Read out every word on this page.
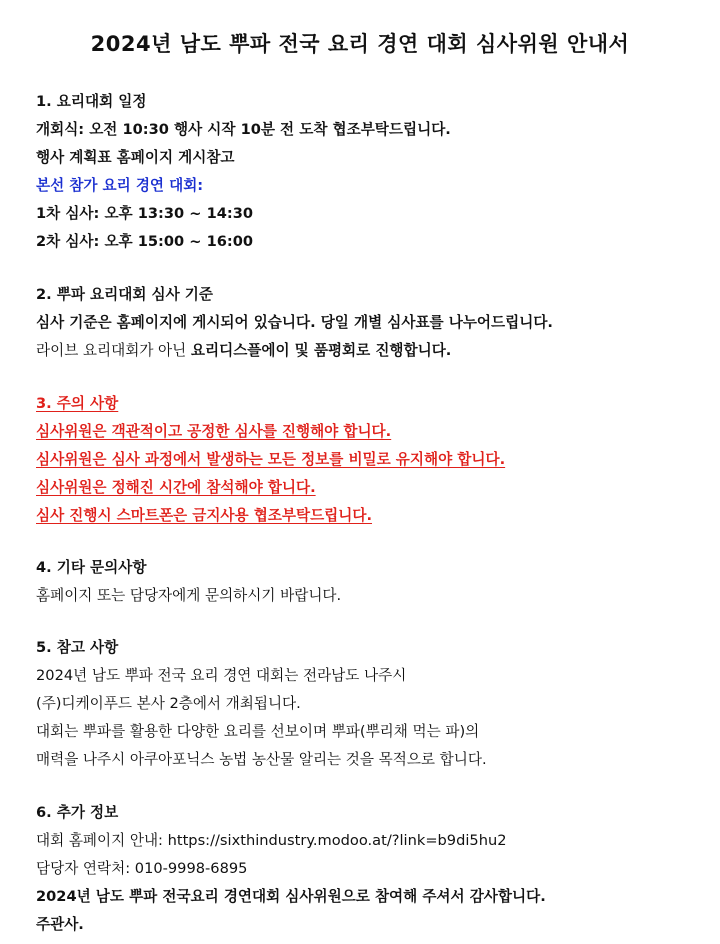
2024년 남도 뿌파 전국 요리 경연 대회 심사위원 안내서
1. 요리대회 일정
개회식: 오전 10:30 행사 시작 10분 전 도착 협조부탁드립니다.
행사 계획표 홈페이지 게시참고
본선 참가 요리 경연 대회:
1차 심사: 오후 13:30 ~ 14:30
2차 심사: 오후 15:00 ~ 16:00
2. 뿌파 요리대회 심사 기준
심사 기준은 홈페이지에 게시되어 있습니다. 당일 개별 심사표를 나누어드립니다.
라이브 요리대회가 아닌 요리디스플에이 및 품평회로 진행합니다.
3. 주의 사항
심사위원은 객관적이고 공정한 심사를 진행해야 합니다.
심사위원은 심사 과정에서 발생하는 모든 정보를 비밀로 유지해야 합니다.
심사위원은 정해진 시간에 참석해야 합니다.
심사 진행시 스마트폰은 금지사용 협조부탁드립니다.
4. 기타 문의사항
홈페이지 또는 담당자에게 문의하시기 바랍니다.
5. 참고 사항
2024년 남도 뿌파 전국 요리 경연 대회는 전라남도 나주시
(주)디케이푸드 본사 2층에서 개최됩니다.
대회는 뿌파를 활용한 다양한 요리를 선보이며 뿌파(뿌리채 먹는 파)의
매력을 나주시 아쿠아포닉스 농법 농산물 알리는 것을 목적으로 합니다.
6. 추가 정보
대회 홈페이지 안내: https://sixthindustry.modoo.at/?link=b9di5hu2
담당자 연락처: 010-9998-6895
2024년 남도 뿌파 전국요리 경연대회 심사위원으로 참여해 주셔서 감사합니다.
주관사.
